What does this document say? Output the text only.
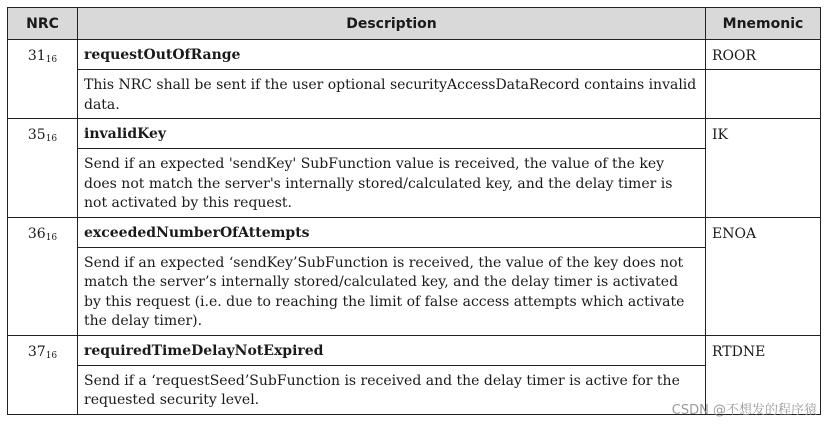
NRC	Description	Mnemonic
$31_{16}$	requestOutOfRange	ROOR
	This NRC shall be sent if the user optional securityAccessDataRecord contains invalid data.	
$35_{16}$	invalidKey	IK
	Send if an expected 'sendKey' SubFunction value is received, the value of the key does not match the server's internally stored/calculated key, and the delay timer is not activated by this request.	
$36_{16}$	exceededNumberOfAttempts	ENOA
	Send if an expected ‘sendKey’SubFunction is received, the value of the key does not match the server’s internally stored/calculated key, and the delay timer is activated by this request (i.e. due to reaching the limit of false access attempts which activate the delay timer).	
$37_{16}$	requiredTimeDelayNotExpired	RTDNE
	Send if a ‘requestSeed’SubFunction is received and the delay timer is active for the requested security level.	
CSDN @不想发的程序猿
